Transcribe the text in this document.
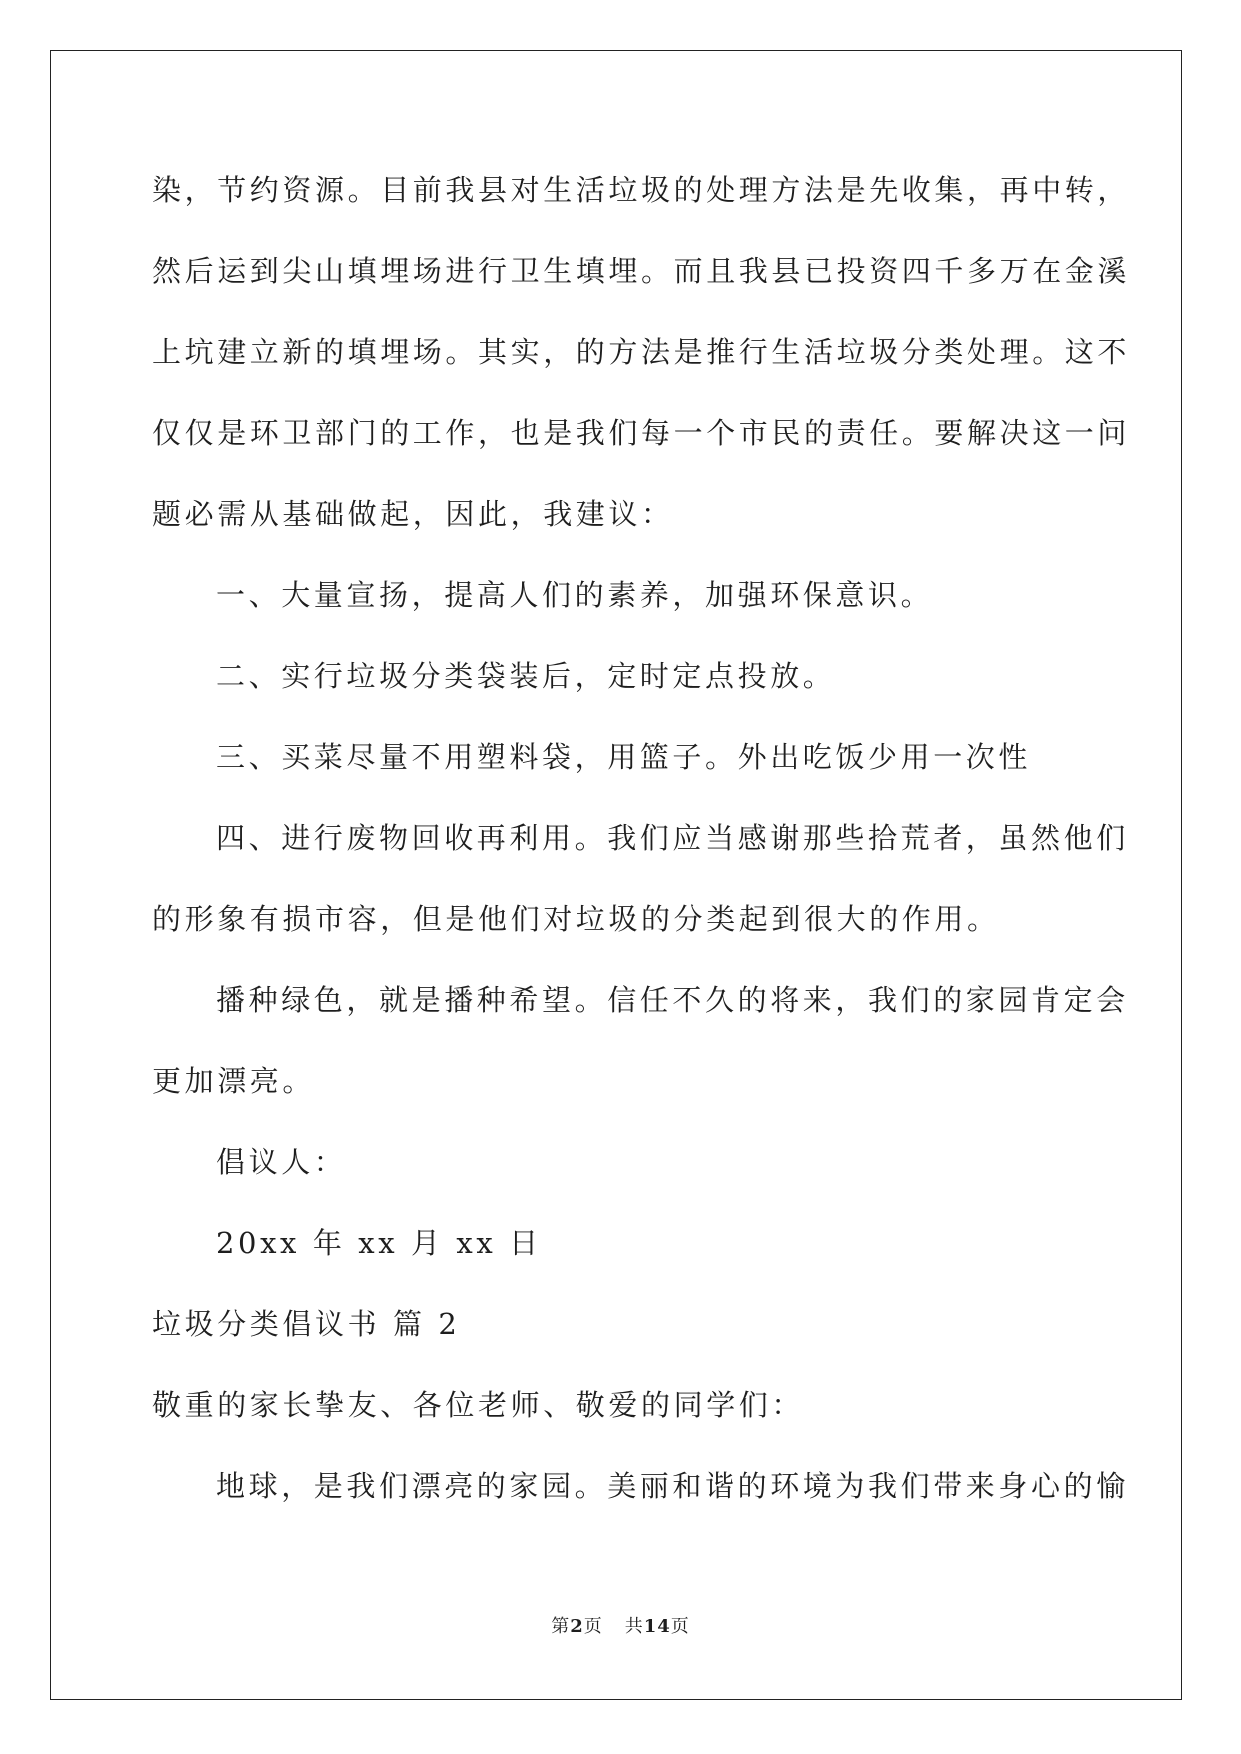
染，节约资源。目前我县对生活垃圾的处理方法是先收集，再中转，
然后运到尖山填埋场进行卫生填埋。而且我县已投资四千多万在金溪
上坑建立新的填埋场。其实，的方法是推行生活垃圾分类处理。这不
仅仅是环卫部门的工作，也是我们每一个市民的责任。要解决这一问
题必需从基础做起，因此，我建议：
一、大量宣扬，提高人们的素养，加强环保意识。
二、实行垃圾分类袋装后，定时定点投放。
三、买菜尽量不用塑料袋，用篮子。外出吃饭少用一次性
四、进行废物回收再利用。我们应当感谢那些拾荒者，虽然他们
的形象有损市容，但是他们对垃圾的分类起到很大的作用。
播种绿色，就是播种希望。信任不久的将来，我们的家园肯定会
更加漂亮。
倡议人：
20xx 年 xx 月 xx 日
垃圾分类倡议书 篇 2
敬重的家长挚友、各位老师、敬爱的同学们：
地球，是我们漂亮的家园。美丽和谐的环境为我们带来身心的愉
第2页 共14页
